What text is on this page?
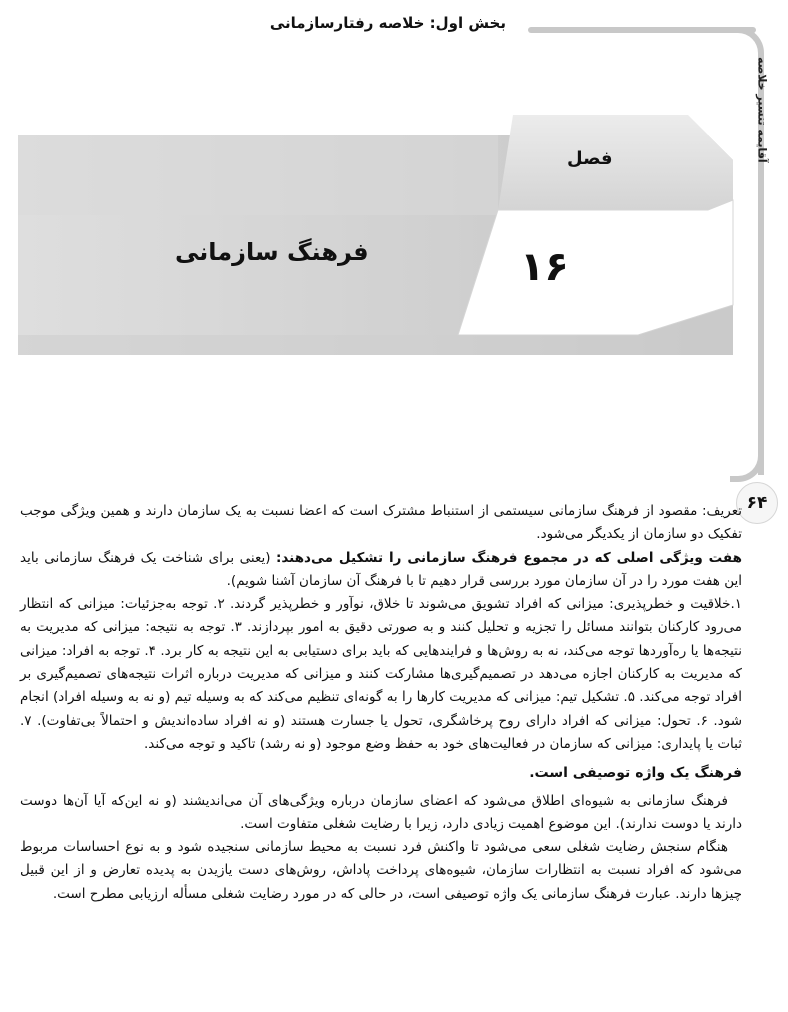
بخش اول: خلاصه رفتارسازمانی
آقایمه تنسیر خلاصه
۶۴
فصل
۱۶
فرهنگ سازمانی

تعریف: مقصود از فرهنگ سازمانی سیستمی از استنباط مشترک است که اعضا نسبت به یک سازمان دارند و همین ویژگی موجب تفکیک دو سازمان از یکدیگر می‌شود.

هفت ویژگی اصلی که در مجموع فرهنگ سازمانی را تشکیل می‌دهند: (یعنی برای شناخت یک فرهنگ سازمانی باید این هفت مورد را در آن سازمان مورد بررسی قرار دهیم تا با فرهنگ آن سازمان آشنا شویم).

۱.خلاقیت و خطرپذیری: میزانی که افراد تشویق می‌شوند تا خلاق، نوآور و خطرپذیر گردند. ۲. توجه به‌جزئیات: میزانی که انتظار می‌رود کارکنان بتوانند مسائل را تجزیه و تحلیل کنند و به صورتی دقیق به امور بپردازند. ۳. توجه به نتیجه: میزانی که مدیریت به نتیجه‌ها یا ره‌آوردها توجه می‌کند، نه به روش‌ها و فرایندهایی که باید برای دستیابی به این نتیجه به کار برد. ۴. توجه به افراد: میزانی که مدیریت به کارکنان اجازه می‌دهد در تصمیم‌گیری‌ها مشارکت کنند و میزانی که مدیریت درباره اثرات نتیجه‌های تصمیم‌گیری بر افراد توجه می‌کند. ۵. تشکیل تیم: میزانی که مدیریت کارها را به گونه‌ای تنظیم می‌کند که به وسیله تیم (و نه به وسیله افراد) انجام شود. ۶. تحول: میزانی که افراد دارای روح پرخاشگری، تحول یا جسارت هستند (و نه افراد ساده‌اندیش و احتمالاً بی‌تفاوت). ۷. ثبات یا پایداری: میزانی که سازمان در فعالیت‌های خود به حفظ وضع موجود (و نه رشد) تاکید و توجه می‌کند.

فرهنگ یک واژه توصیفی است.

فرهنگ سازمانی به شیوه‌ای اطلاق می‌شود که اعضای سازمان درباره ویژگی‌های آن می‌اندیشند (و نه این‌که آیا آن‌ها دوست دارند یا دوست ندارند). این موضوع اهمیت زیادی دارد، زیرا با رضایت شغلی متفاوت است.

هنگام سنجش رضایت شغلی سعی می‌شود تا واکنش فرد نسبت به محیط سازمانی سنجیده شود و به نوع احساسات مربوط می‌شود که افراد نسبت به انتظارات سازمان، شیوه‌های پرداخت پاداش، روش‌های دست یازیدن به پدیده تعارض و از این قبیل چیزها دارند. عبارت فرهنگ سازمانی یک واژه توصیفی است، در حالی که در مورد رضایت شغلی مسأله ارزیابی مطرح است.
